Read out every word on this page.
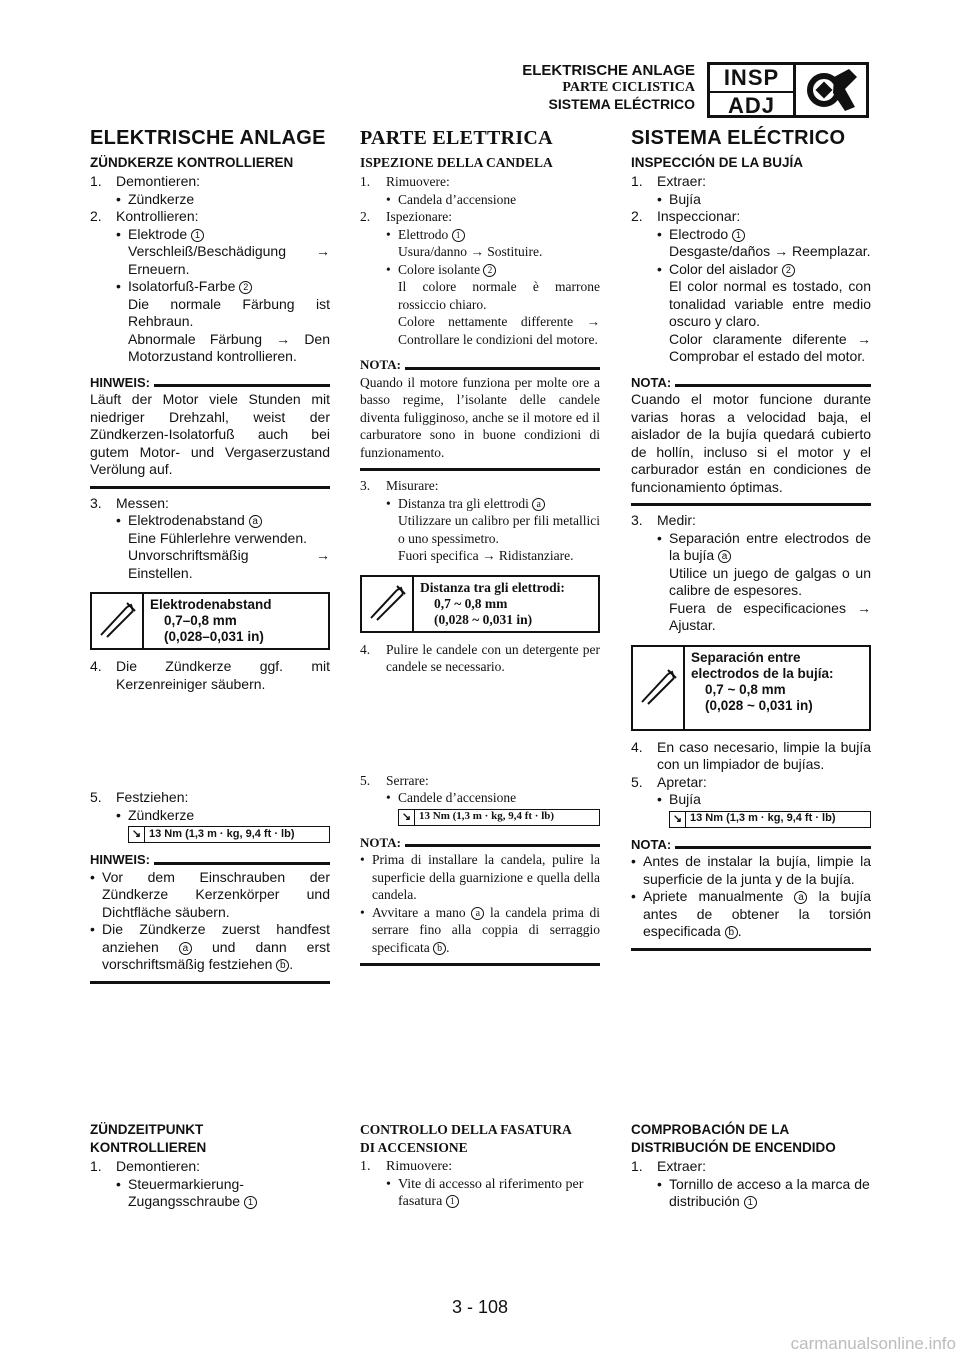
ELEKTRISCHE ANLAGE
PARTE CICLISTICA
SISTEMA ELÉCTRICO
INSP
ADJ
ELEKTRISCHE ANLAGE
ZÜNDKERZE KONTROLLIEREN
1.	Demontieren:
• Zündkerze
2.	Kontrollieren:
• Elektrode 1
Verschleiß/Beschädigung → Erneuern.
• Isolatorfuß-Farbe 2
Die normale Färbung ist Rehbraun.
Abnormale Färbung → Den Motorzustand kontrollieren.
HINWEIS:
Läuft der Motor viele Stunden mit niedriger Drehzahl, weist der Zündkerzen-Isolatorfuß auch bei gutem Motor- und Vergaserzustand Verölung auf.
3.	Messen:
• Elektrodenabstand a
Eine Fühlerlehre verwenden.
Unvorschriftsmäßig → Einstellen.
Elektrodenabstand
0,7–0,8 mm
(0,028–0,031 in)
4.	Die Zündkerze ggf. mit Kerzenreiniger säubern.
5.	Festziehen:
• Zündkerze
↘ 13 Nm (1,3 m · kg, 9,4 ft · lb)
HINWEIS:
• Vor dem Einschrauben der Zündkerze Kerzenkörper und Dichtfläche säubern.
• Die Zündkerze zuerst handfest anziehen a und dann erst vorschriftsmäßig festziehen b .
PARTE ELETTRICA
ISPEZIONE DELLA CANDELA
1.	Rimuovere:
• Candela d’accensione
2.	Ispezionare:
• Elettrodo 1
Usura/danno → Sostituire.
• Colore isolante 2
Il colore normale è marrone rossiccio chiaro.
Colore nettamente differente → Controllare le condizioni del motore.
NOTA:
Quando il motore funziona per molte ore a basso regime, l’isolante delle candele diventa fuligginoso, anche se il motore ed il carburatore sono in buone condizioni di funzionamento.
3.	Misurare:
• Distanza tra gli elettrodi a
Utilizzare un calibro per fili metallici o uno spessimetro.
Fuori specifica → Ridistanziare.
Distanza tra gli elettrodi:
0,7 ~ 0,8 mm
(0,028 ~ 0,031 in)
4.	Pulire le candele con un detergente per candele se necessario.
5.	Serrare:
• Candele d’accensione
↘ 13 Nm (1,3 m · kg, 9,4 ft · lb)
NOTA:
• Prima di installare la candela, pulire la superficie della guarnizione e quella della candela.
• Avvitare a mano a la candela prima di serrare fino alla coppia di serraggio specificata b .
SISTEMA ELÉCTRICO
INSPECCIÓN DE LA BUJÍA
1.	Extraer:
• Bujía
2.	Inspeccionar:
• Electrodo 1
Desgaste/daños → Reemplazar.
• Color del aislador 2
El color normal es tostado, con tonalidad variable entre medio oscuro y claro.
Color claramente diferente → Comprobar el estado del motor.
NOTA:
Cuando el motor funcione durante varias horas a velocidad baja, el aislador de la bujía quedará cubierto de hollín, incluso si el motor y el carburador están en condiciones de funcionamiento óptimas.
3.	Medir:
• Separación entre electrodos de la bujía a
Utilice un juego de galgas o un calibre de espesores.
Fuera de especificaciones → Ajustar.
Separación entre
electrodos de la bujía:
0,7 ~ 0,8 mm
(0,028 ~ 0,031 in)
4.	En caso necesario, limpie la bujía con un limpiador de bujías.
5.	Apretar:
• Bujía
↘ 13 Nm (1,3 m · kg, 9,4 ft · lb)
NOTA:
• Antes de instalar la bujía, limpie la superficie de la junta y de la bujía.
• Apriete manualmente a la bujía antes de obtener la torsión especificada b .
ZÜNDZEITPUNKT
KONTROLLIEREN
1.	Demontieren:
• Steuermarkierung-Zugangsschraube 1
CONTROLLO DELLA FASATURA
DI ACCENSIONE
1.	Rimuovere:
• Vite di accesso al riferimento per fasatura 1
COMPROBACIÓN DE LA
DISTRIBUCIÓN DE ENCENDIDO
1.	Extraer:
• Tornillo de acceso a la marca de distribución 1
3 - 108
carmanualsonline.info
